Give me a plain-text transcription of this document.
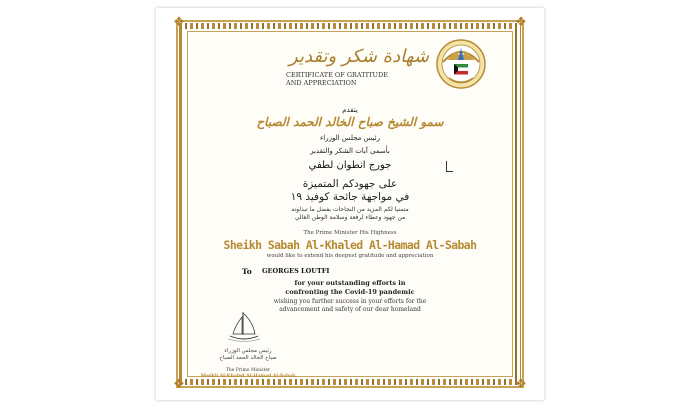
❖	❖
❖	❖
شهادة شكر وتقدير
CERTIFICATE OF GRATITUDE
AND APPRECIATION
يتقدم
سمو الشيخ صباح الخالد الحمد الصباح
رئيس مجلس الوزراء
بأسمى آيات الشكر والتقدير
جورج انطوان لطفي
على جهودكم المتميزة
في مواجهة جائحة كوفيد ١٩
متمنيا لكم المزيد من النجاحات بفضل ما تبذلونه
من جهود وعطاء لرفعة وسلامة الوطن الغالي
The Prime Minister His Highness
Sheikh Sabah Al-Khaled Al-Hamad Al-Sabah
would like to extend his deepest gratitude and appreciation
To GEORGES LOUTFI
for your outstanding efforts in
confronting the Covid-19 pandemic
wishing you further success in your efforts for the
advancement and safety of our dear homeland
رئيس مجلس الوزراء
صباح الخالد الحمد الصباح
The Prime Minister
Sheikh Al-Khaled Al-Hamad Al-Sabah
